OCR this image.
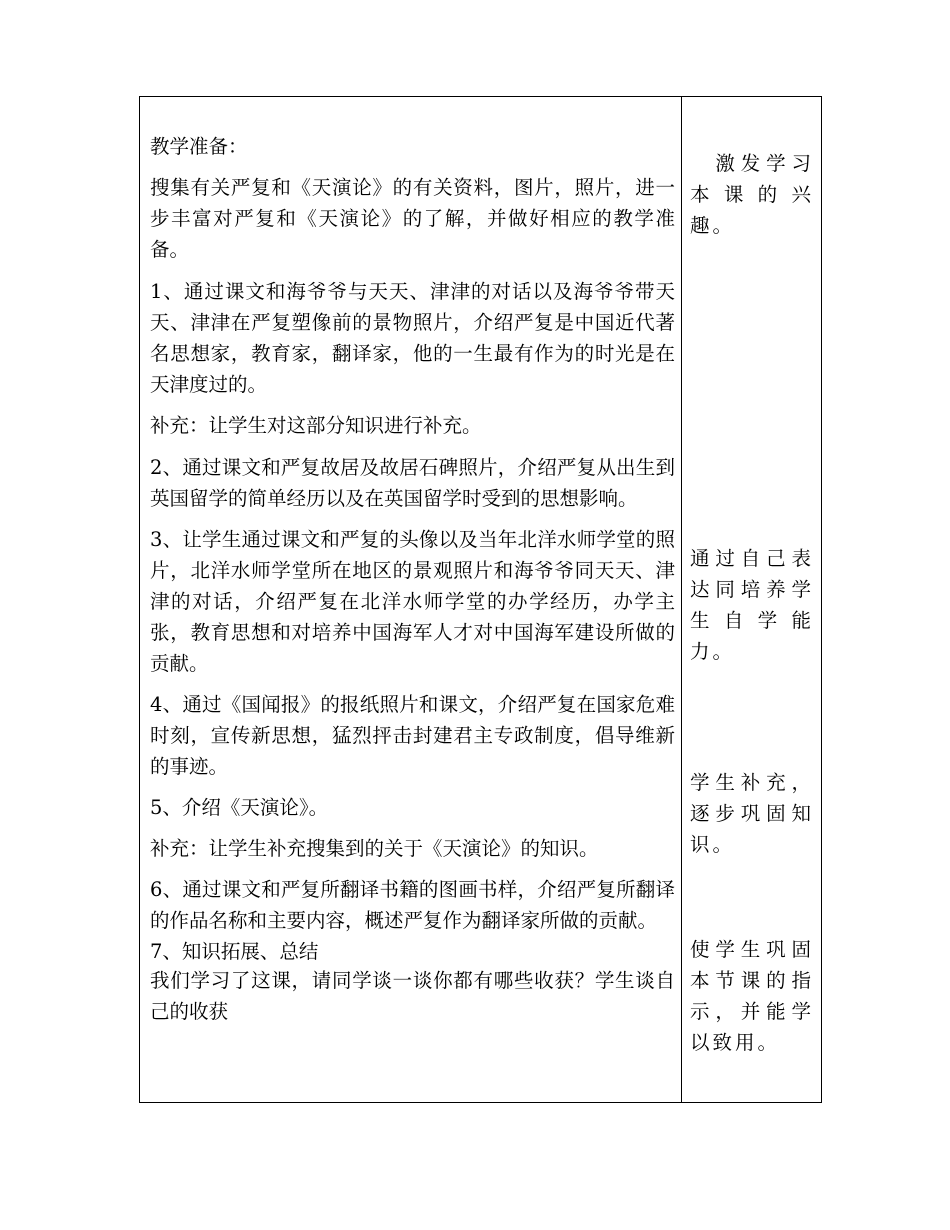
教学准备：

搜集有关严复和《天演论》的有关资料，图片，照片，进一步丰富对严复和《天演论》的了解，并做好相应的教学准备。

1、通过课文和海爷爷与天天、津津的对话以及海爷爷带天天、津津在严复塑像前的景物照片，介绍严复是中国近代著名思想家，教育家，翻译家，他的一生最有作为的时光是在天津度过的。

补充：让学生对这部分知识进行补充。

2、通过课文和严复故居及故居石碑照片，介绍严复从出生到英国留学的简单经历以及在英国留学时受到的思想影响。

3、让学生通过课文和严复的头像以及当年北洋水师学堂的照片，北洋水师学堂所在地区的景观照片和海爷爷同天天、津津的对话，介绍严复在北洋水师学堂的办学经历，办学主张，教育思想和对培养中国海军人才对中国海军建设所做的贡献。

4、通过《国闻报》的报纸照片和课文，介绍严复在国家危难时刻，宣传新思想，猛烈抨击封建君主专政制度，倡导维新的事迹。

5、介绍《天演论》。

补充：让学生补充搜集到的关于《天演论》的知识。

6、通过课文和严复所翻译书籍的图画书样，介绍严复所翻译的作品名称和主要内容，概述严复作为翻译家所做的贡献。

7、知识拓展、总结

我们学习了这课，请同学谈一谈你都有哪些收获？学生谈自己的收获

　激发学习本课的兴趣。
通过自己表达同培养学生自学能力。
学生补充，逐步巩固知识。
使学生巩固本节课的指示，并能学以致用。
